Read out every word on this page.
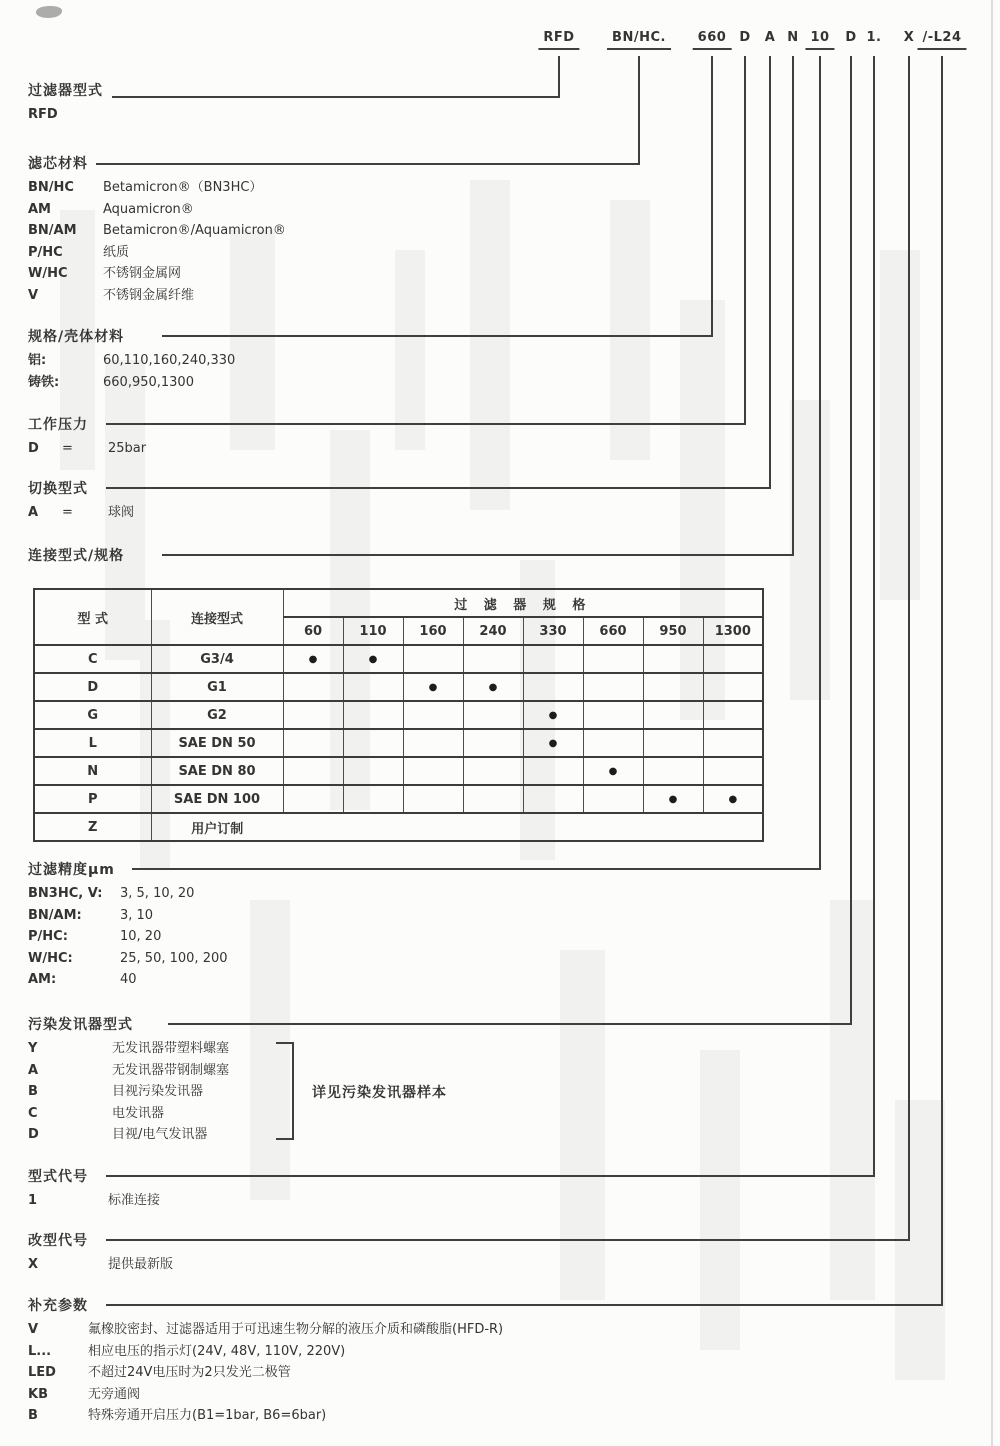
RFD	BN/HC.	660	D A N 10	D 1. X /-L24
过滤器型式
RFD
滤芯材料
BN/HC	Betamicron®（BN3HC）
AM	Aquamicron®
BN/AM	Betamicron®/Aquamicron®
P/HC	纸质
W/HC	不锈钢金属网
V	不锈钢金属纤维
规格/壳体材料
铝:	60,110,160,240,330
铸铁:	660,950,1300
工作压力
D	=	25bar
切换型式
A	=	球阀
连接型式/规格
型 式	连接型式	过 滤 器 规 格							
		60	110	160	240	330	660	950	1300
C	G3/4	●	●						
D	G1			●	●				
G	G2					●			
L	SAE DN 50					●			
N	SAE DN 80						●		
P	SAE DN 100							●	●
Z	用户订制								
过滤精度μm
BN3HC, V:	3, 5, 10, 20
BN/AM:	3, 10
P/HC:	10, 20
W/HC:	25, 50, 100, 200
AM:	40
污染发讯器型式
Y	无发讯器带塑料螺塞
A	无发讯器带钢制螺塞
B	目视污染发讯器
C	电发讯器
D	目视/电气发讯器
详见污染发讯器样本
型式代号
1	标准连接
改型代号
X	提供最新版
补充参数
V	氟橡胶密封、过滤器适用于可迅速生物分解的液压介质和磷酸脂(HFD-R)
L...	相应电压的指示灯(24V, 48V, 110V, 220V)
LED	不超过24V电压时为2只发光二极管
KB	无旁通阀
B	特殊旁通开启压力(B1=1bar, B6=6bar)
